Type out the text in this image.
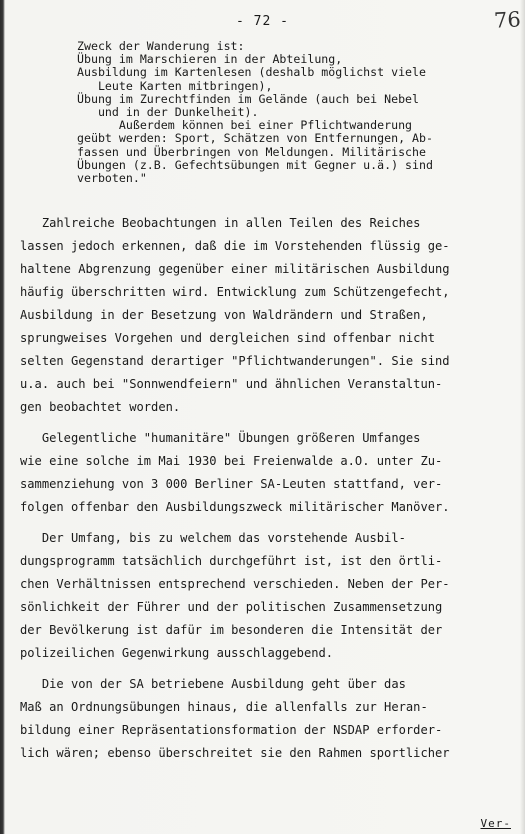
- 72 -	76
Zweck der Wanderung ist:
Übung im Marschieren in der Abteilung,
Ausbildung im Kartenlesen (deshalb möglichst viele
Leute Karten mitbringen),
Übung im Zurechtfinden im Gelände (auch bei Nebel
und in der Dunkelheit).
Außerdem können bei einer Pflichtwanderung
geübt werden: Sport, Schätzen von Entfernungen, Ab-
fassen und Überbringen von Meldungen. Militärische
Übungen (z.B. Gefechtsübungen mit Gegner u.ä.) sind
verboten."
Zahlreiche Beobachtungen in allen Teilen des Reiches
lassen jedoch erkennen, daß die im Vorstehenden flüssig ge-
haltene Abgrenzung gegenüber einer militärischen Ausbildung
häufig überschritten wird. Entwicklung zum Schützengefecht,
Ausbildung in der Besetzung von Waldrändern und Straßen,
sprungweises Vorgehen und dergleichen sind offenbar nicht
selten Gegenstand derartiger "Pflichtwanderungen". Sie sind
u.a. auch bei "Sonnwendfeiern" und ähnlichen Veranstaltun-
gen beobachtet worden.
Gelegentliche "humanitäre" Übungen größeren Umfanges
wie eine solche im Mai 1930 bei Freienwalde a.O. unter Zu-
sammenziehung von 3 000 Berliner SA-Leuten stattfand, ver-
folgen offenbar den Ausbildungszweck militärischer Manöver.
Der Umfang, bis zu welchem das vorstehende Ausbil-
dungsprogramm tatsächlich durchgeführt ist, ist den örtli-
chen Verhältnissen entsprechend verschieden. Neben der Per-
sönlichkeit der Führer und der politischen Zusammensetzung
der Bevölkerung ist dafür im besonderen die Intensität der
polizeilichen Gegenwirkung ausschlaggebend.
Die von der SA betriebene Ausbildung geht über das
Maß an Ordnungsübungen hinaus, die allenfalls zur Heran-
bildung einer Repräsentationsformation der NSDAP erforder-
lich wären; ebenso überschreitet sie den Rahmen sportlicher
Ver-
